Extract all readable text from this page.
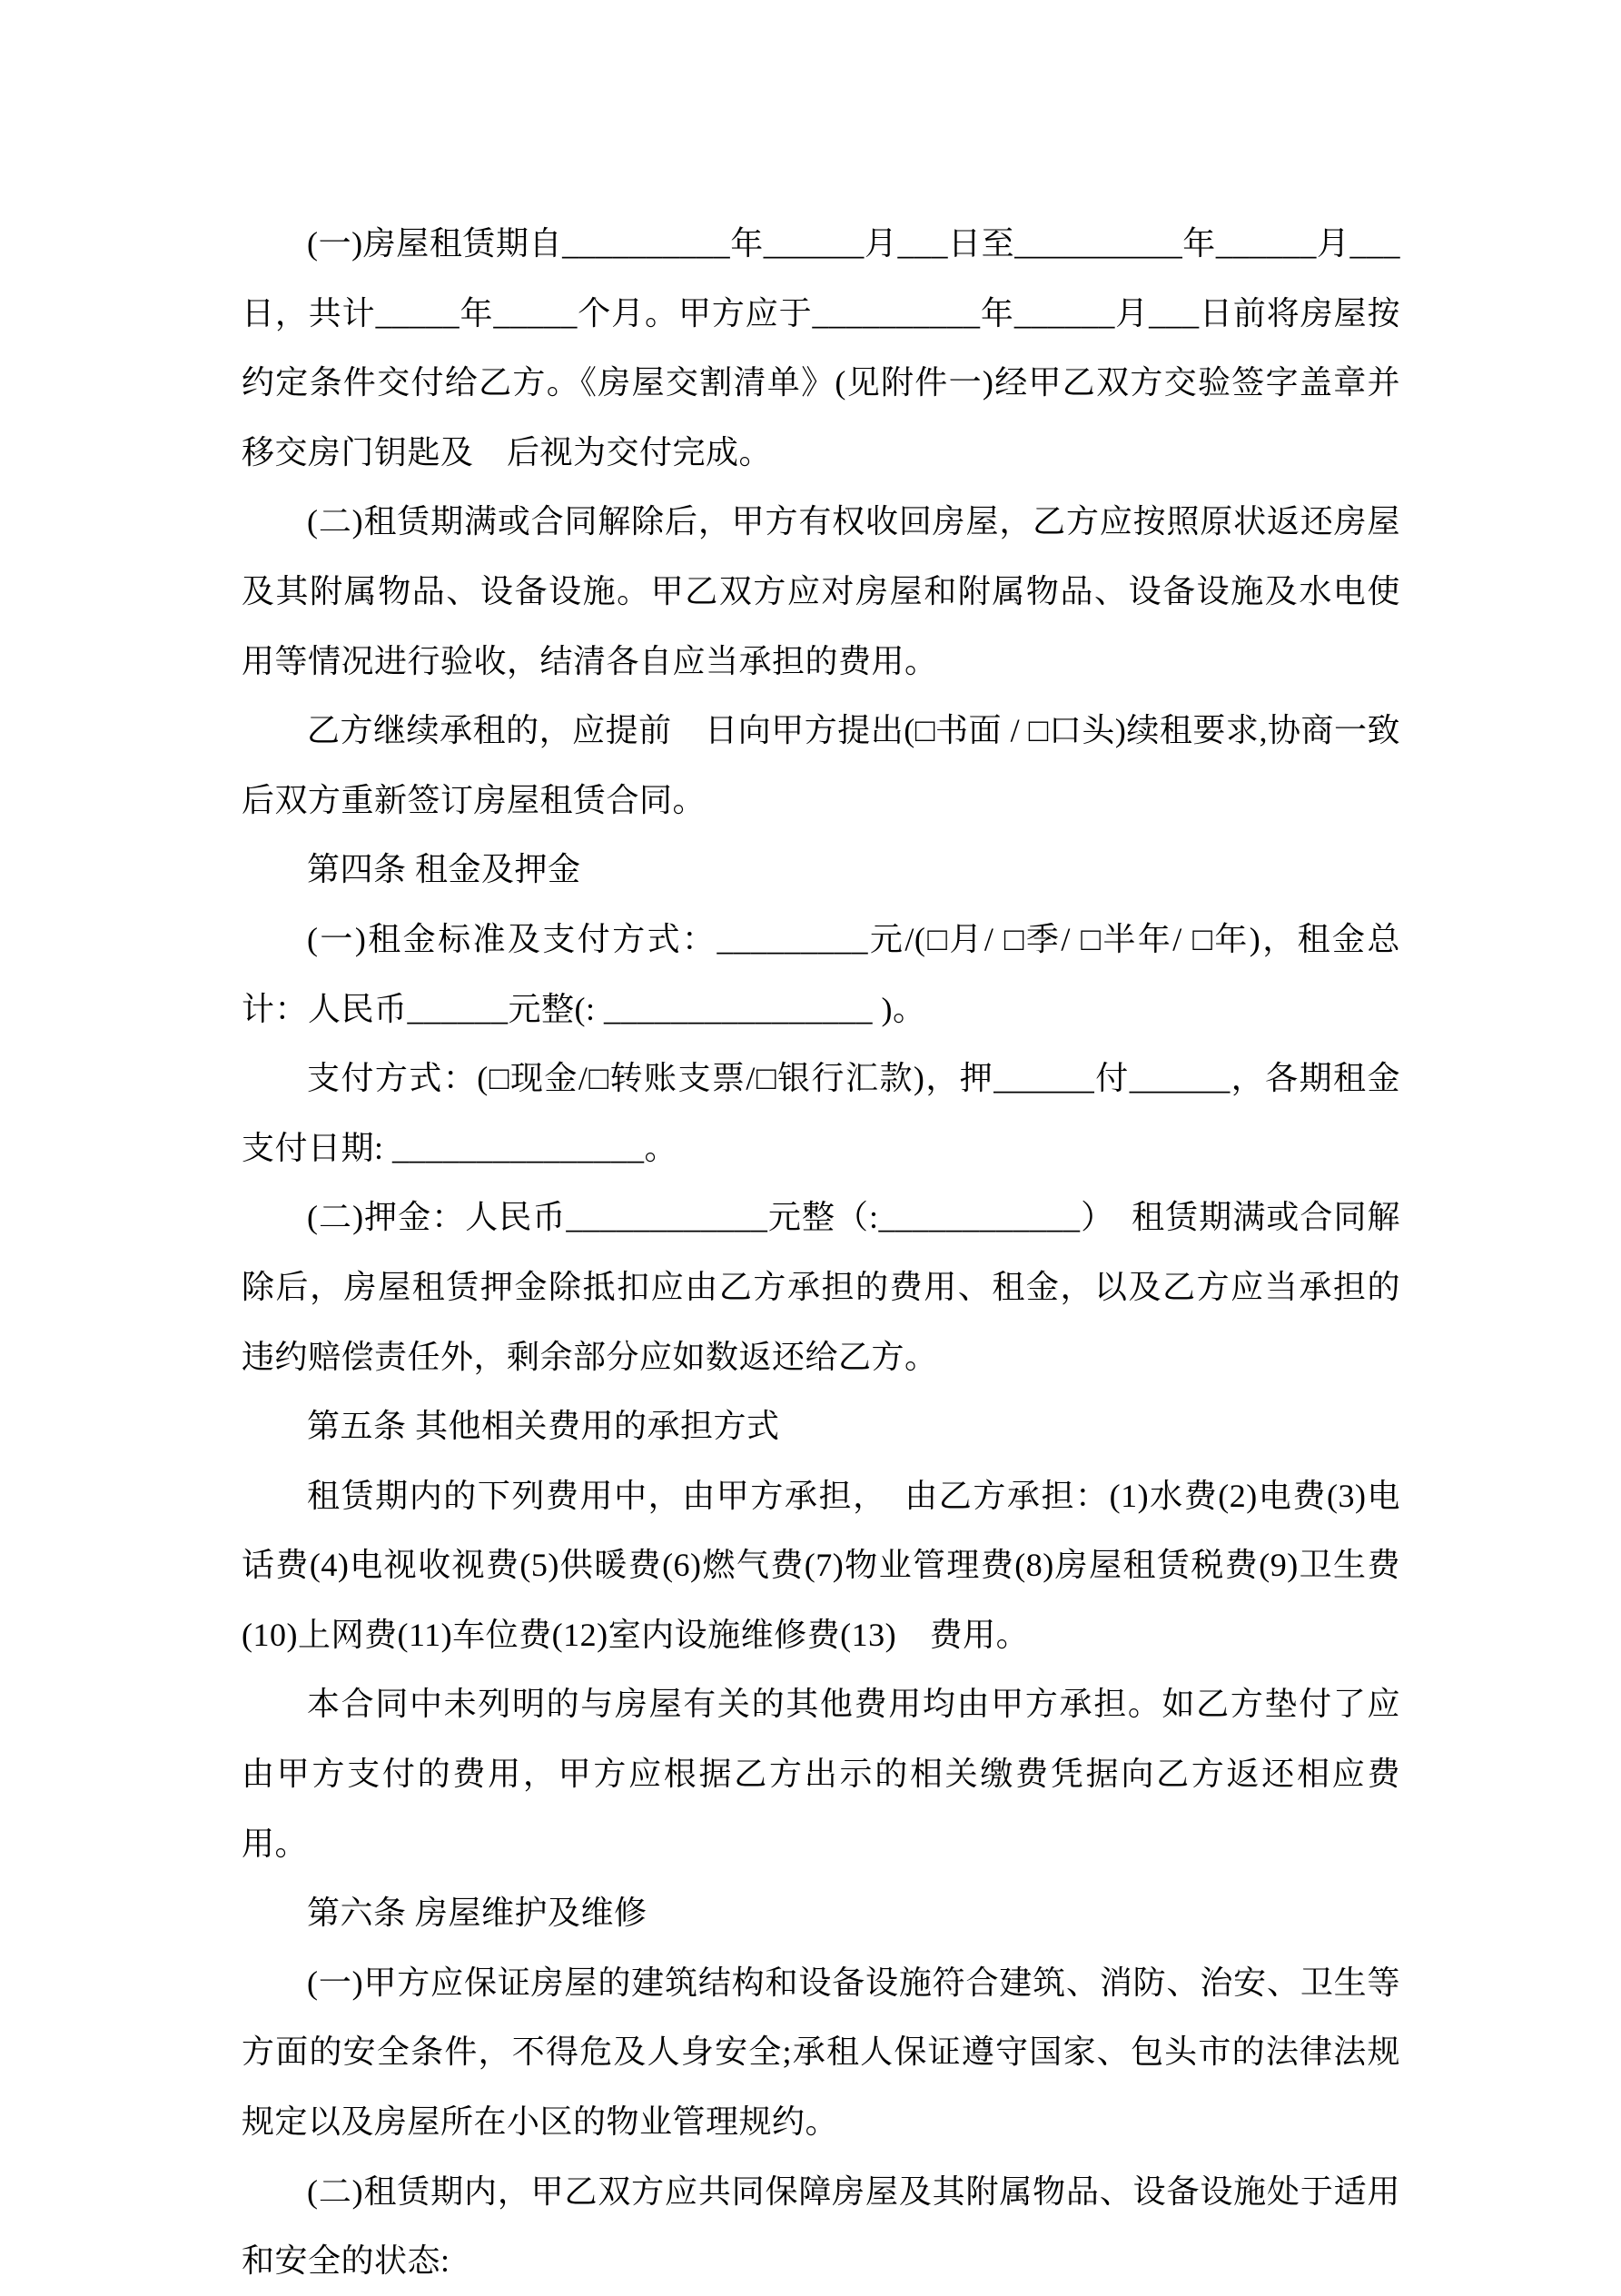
(一)房屋租赁期自__________年______月___日至__________年______月___日，共计_____年_____个月。甲方应于__________年______月___日前将房屋按约定条件交付给乙方。《房屋交割清单》(见附件一)经甲乙双方交验签字盖章并移交房门钥匙及　后视为交付完成。

(二)租赁期满或合同解除后，甲方有权收回房屋，乙方应按照原状返还房屋及其附属物品、设备设施。甲乙双方应对房屋和附属物品、设备设施及水电使用等情况进行验收，结清各自应当承担的费用。

乙方继续承租的，应提前　日向甲方提出(□书面 / □口头)续租要求,协商一致后双方重新签订房屋租赁合同。

第四条 租金及押金

(一)租金标准及支付方式：_________元/(□月/ □季/ □半年/ □年)，租金总计：人民币______元整(: ________________ )。

支付方式：(□现金/□转账支票/□银行汇款)，押______付______，各期租金支付日期: _______________。

(二)押金：人民币____________元整（:____________）　租赁期满或合同解除后，房屋租赁押金除抵扣应由乙方承担的费用、租金，以及乙方应当承担的违约赔偿责任外，剩余部分应如数返还给乙方。

第五条 其他相关费用的承担方式

租赁期内的下列费用中，由甲方承担，　由乙方承担：(1)水费(2)电费(3)电话费(4)电视收视费(5)供暖费(6)燃气费(7)物业管理费(8)房屋租赁税费(9)卫生费(10)上网费(11)车位费(12)室内设施维修费(13)　费用。

本合同中未列明的与房屋有关的其他费用均由甲方承担。如乙方垫付了应由甲方支付的费用，甲方应根据乙方出示的相关缴费凭据向乙方返还相应费用。

第六条 房屋维护及维修

(一)甲方应保证房屋的建筑结构和设备设施符合建筑、消防、治安、卫生等方面的安全条件，不得危及人身安全;承租人保证遵守国家、包头市的法律法规规定以及房屋所在小区的物业管理规约。

(二)租赁期内，甲乙双方应共同保障房屋及其附属物品、设备设施处于适用和安全的状态:
